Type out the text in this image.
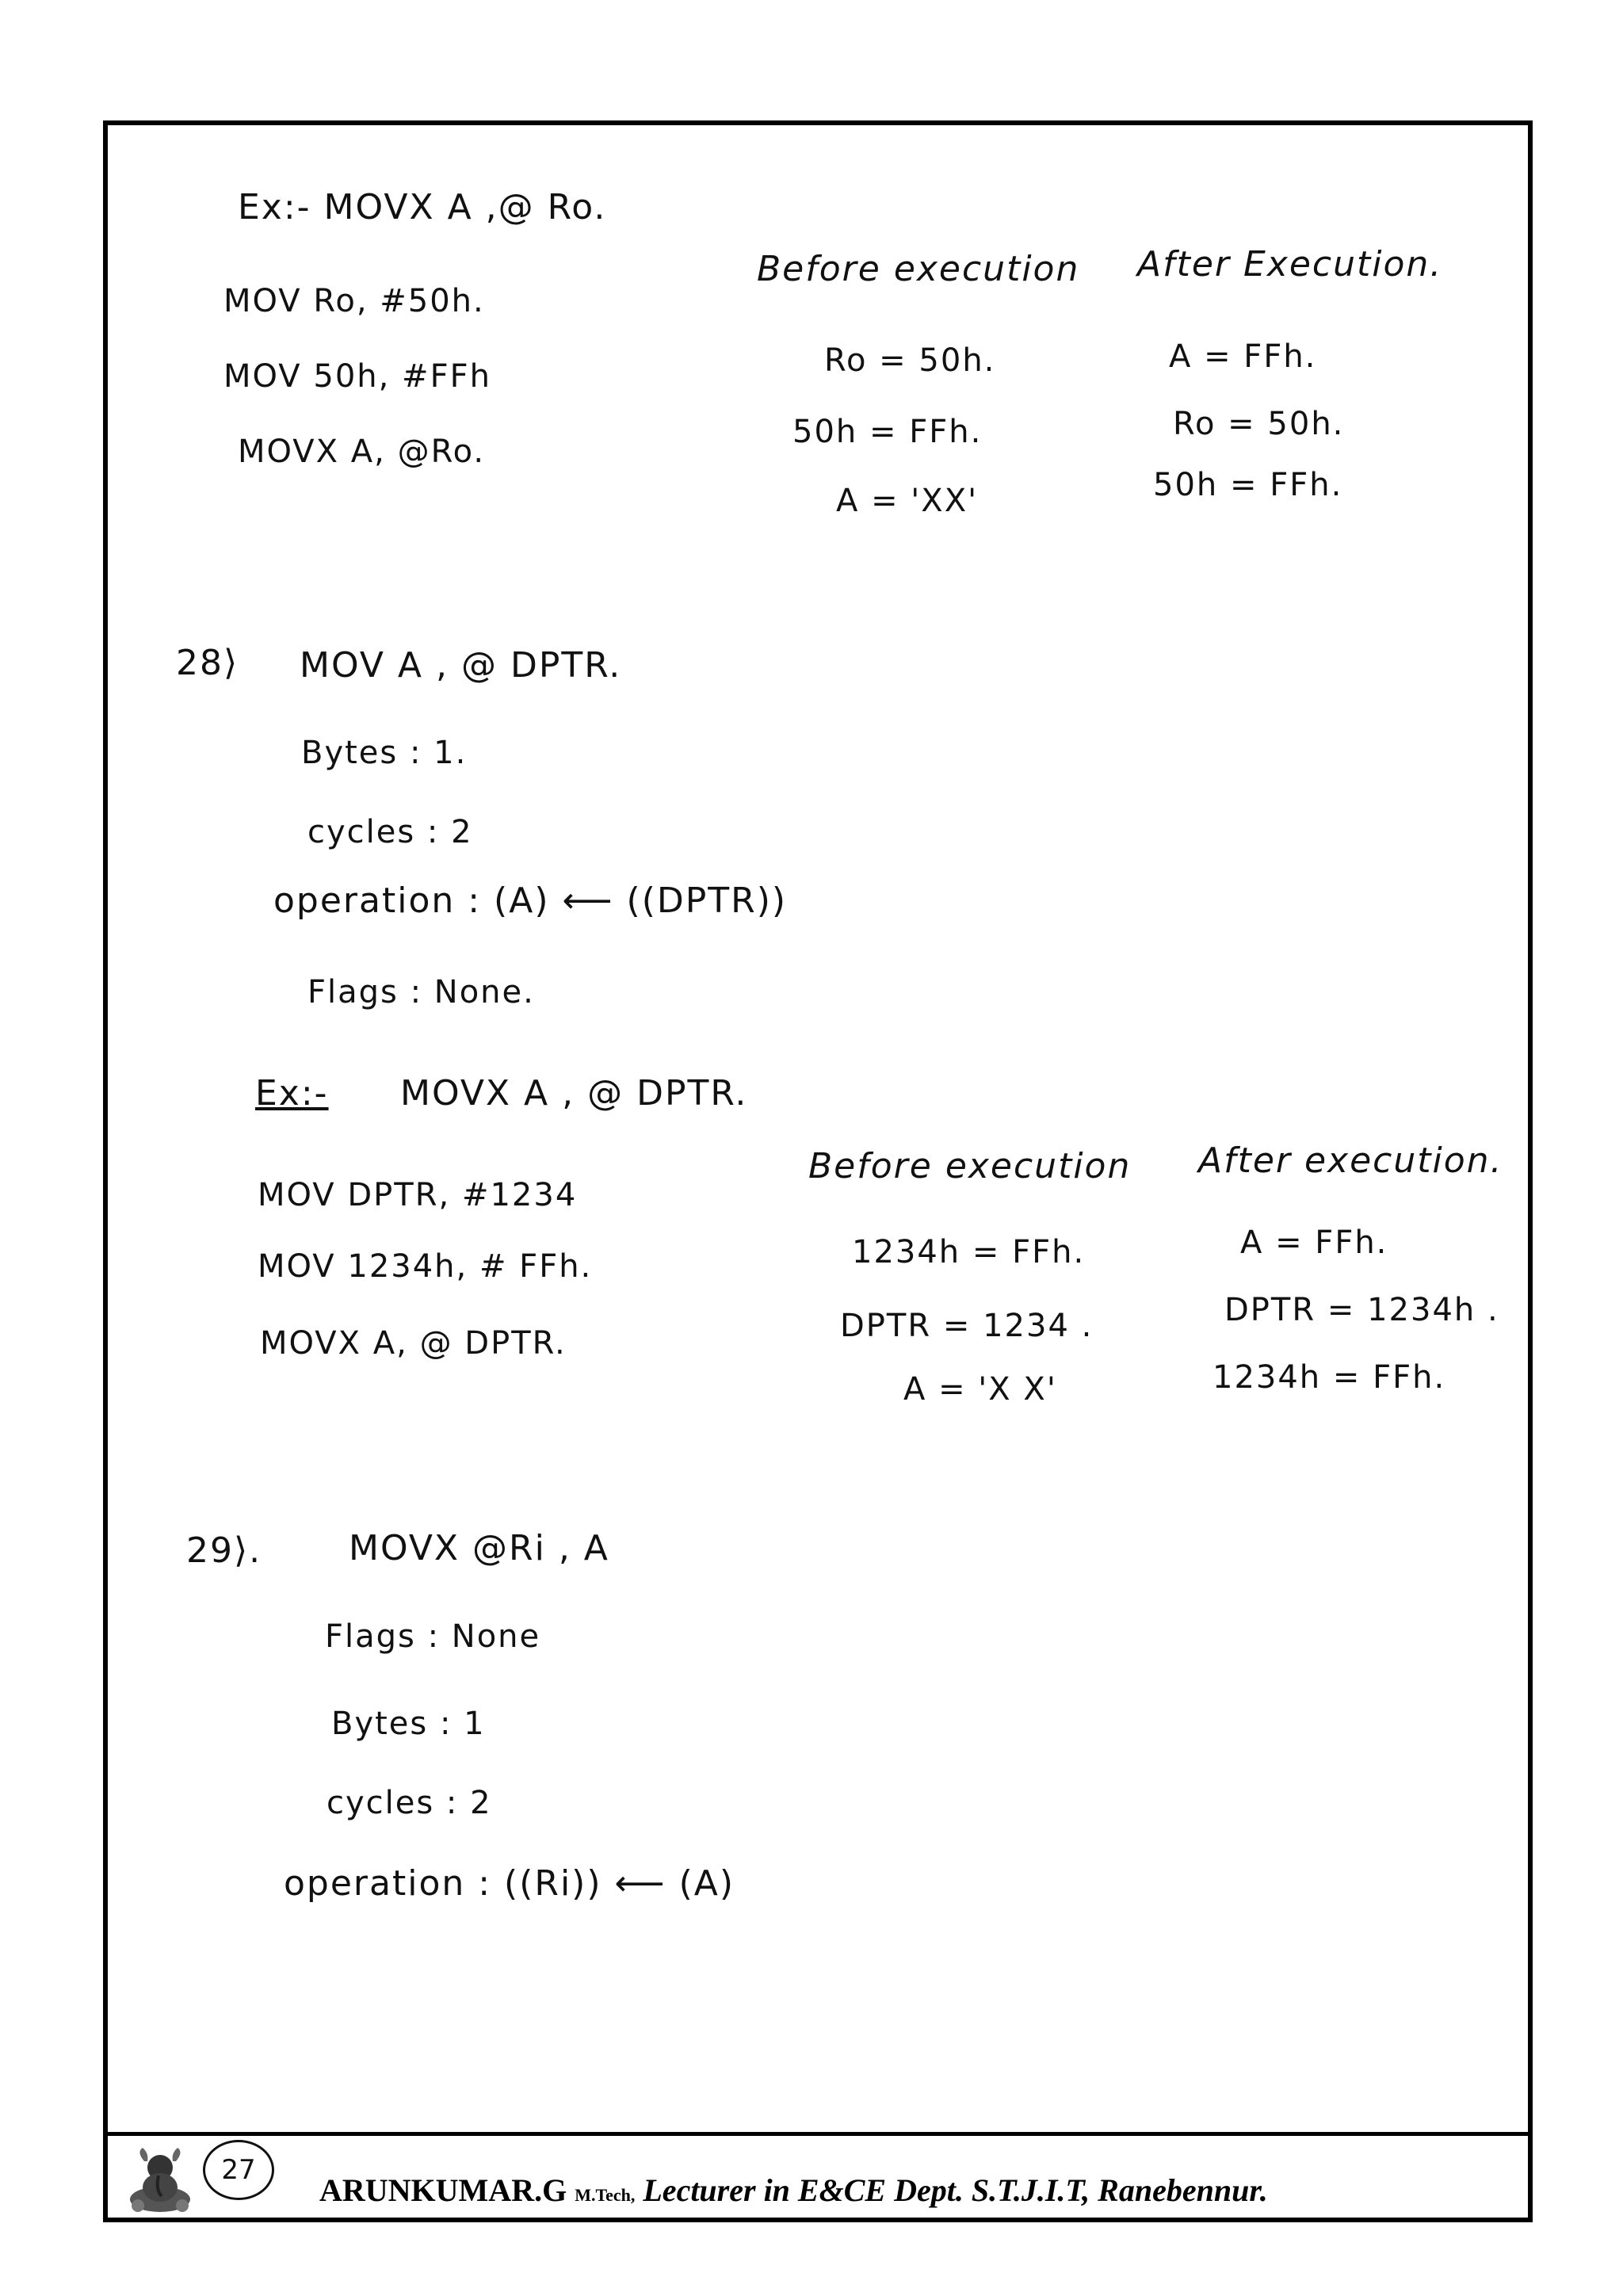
Ex:- MOVX A ,@ Ro.
MOV Ro, #50h.
MOV 50h, #FFh
MOVX A, @Ro.
Before execution After Execution.
Ro = 50h.
50h = FFh.
A = 'XX'
A = FFh.
Ro = 50h.
50h = FFh.
28⟩ MOV A , @ DPTR.
Bytes : 1.
cycles : 2
operation : (A) ⟵ ((DPTR))
Flags : None.
Ex:- MOVX A , @ DPTR.
MOV DPTR, #1234
MOV 1234h, # FFh.
MOVX A, @ DPTR.
Before execution After execution.
1234h = FFh.
DPTR = 1234 .
A = 'X X'
A = FFh.
DPTR = 1234h .
1234h = FFh.
29⟩. MOVX @Ri , A
Flags : None
Bytes : 1
cycles : 2
operation : ((Ri)) ⟵ (A)
27
ARUNKUMAR.G M.Tech, Lecturer in E&CE Dept. S.T.J.I.T, Ranebennur.
